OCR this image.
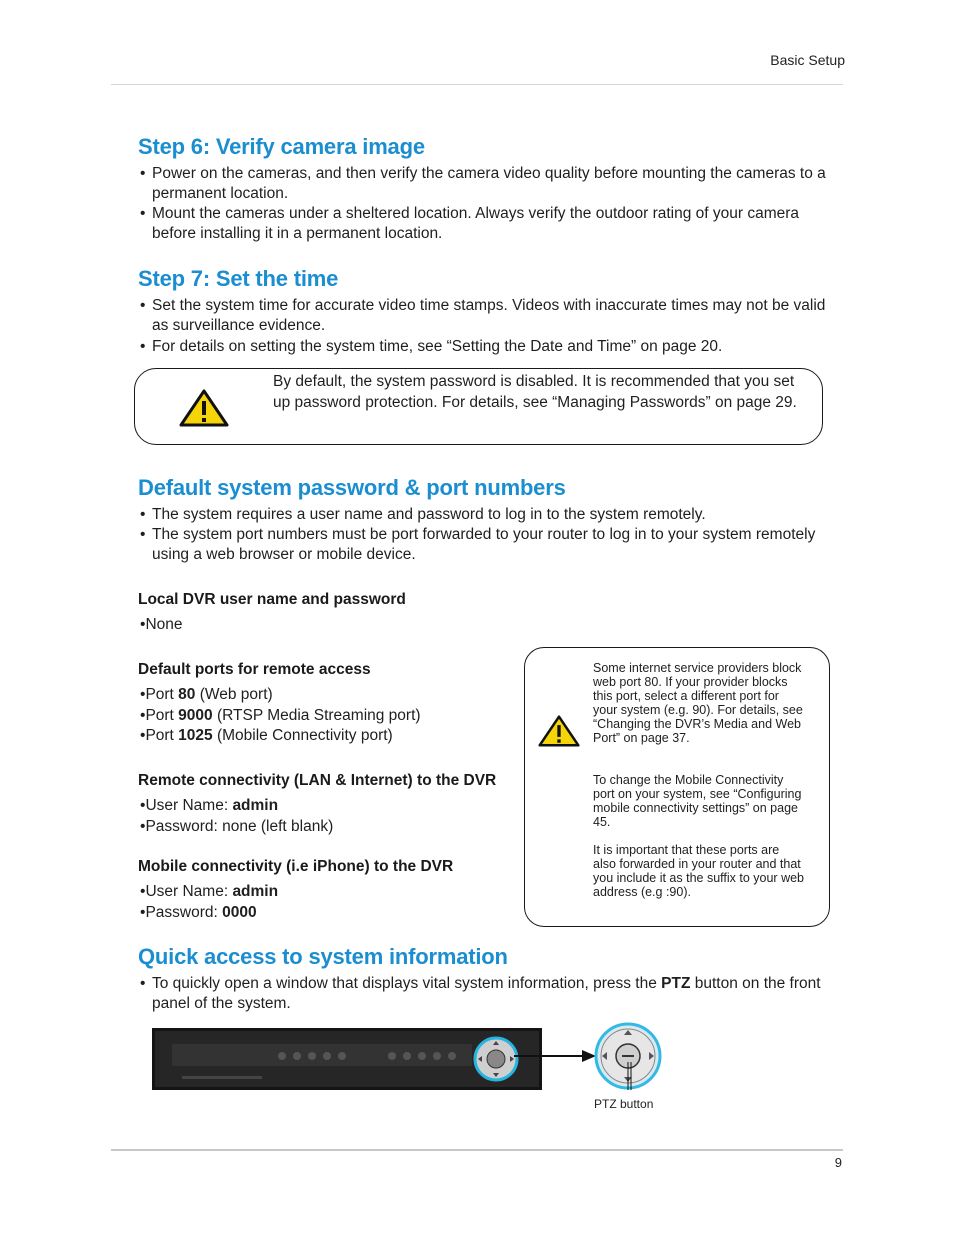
Basic Setup
Step 6: Verify camera image
• Power on the cameras, and then verify the camera video quality before mounting the cameras to a permanent location.
• Mount the cameras under a sheltered location. Always verify the outdoor rating of your camera before installing it in a permanent location.
Step 7: Set the time
• Set the system time for accurate video time stamps. Videos with inaccurate times may not be valid as surveillance evidence.
• For details on setting the system time, see “Setting the Date and Time” on page 20.
By default, the system password is disabled. It is recommended that you set up password protection. For details, see “Managing Passwords” on page 29.
Default system password & port numbers
• The system requires a user name and password to log in to the system remotely.
• The system port numbers must be port forwarded to your router to log in to your system remotely using a web browser or mobile device.
Local DVR user name and password
• None
Default ports for remote access
• Port 80 (Web port)
• Port 9000 (RTSP Media Streaming port)
• Port 1025 (Mobile Connectivity port)
Remote connectivity (LAN & Internet) to the DVR
• User Name: admin
• Password: none (left blank)
Mobile connectivity (i.e iPhone) to the DVR
• User Name: admin
• Password: 0000
Some internet service providers block web port 80. If your provider blocks this port, select a different port for your system (e.g. 90). For details, see “Changing the DVR’s Media and Web Port” on page 37.
To change the Mobile Connectivity port on your system, see “Configuring mobile connectivity settings” on page 45.
It is important that these ports are also forwarded in your router and that you include it as the suffix to your web address (e.g :90).
Quick access to system information
• To quickly open a window that displays vital system information, press the PTZ button on the front panel of the system.
PTZ button
9
